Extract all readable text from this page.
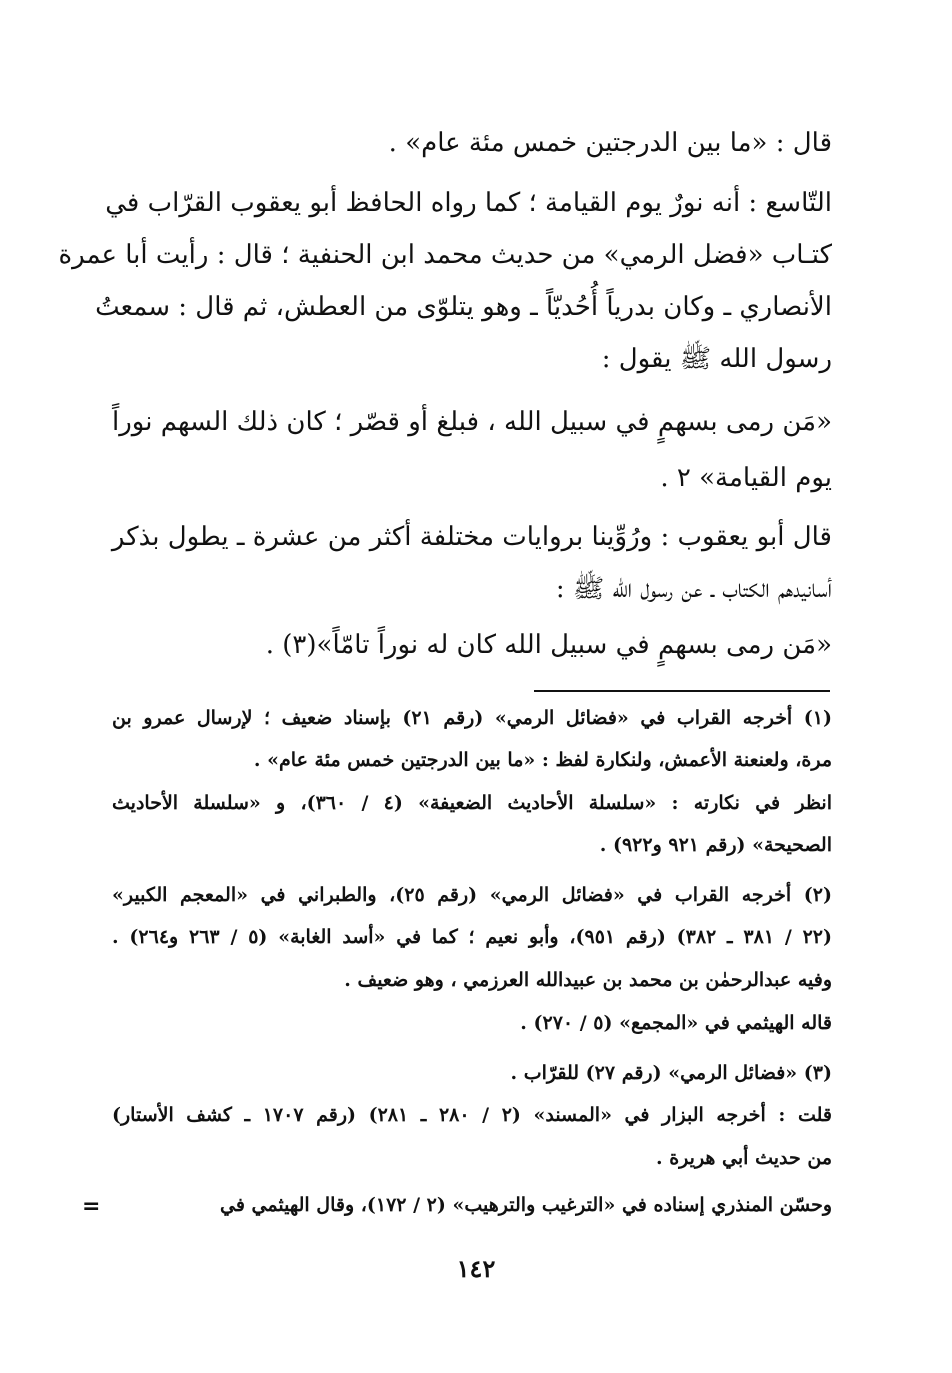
قال : «ما بين الدرجتين خمس مئة عام» .
التّاسع : أنه نورٌ يوم القيامة ؛ كما رواه الحافظ أبو يعقوب القرّاب في
كتـاب «فضل الرمي» من حديث محمد ابن الحنفية ؛ قال : رأيت أبا عمرة
الأنصاري ـ وكان بدرياً أُحُديّاً ـ وهو يتلوّى من العطش، ثم قال : سمعتُ
رسول الله ﷺ يقول :
«مَن رمى بسهمٍ في سبيل الله ، فبلغ أو قصّر ؛ كان ذلك السهم نوراً
يوم القيامة» ٢ .
قال أبو يعقوب : ورُوِّينا بروايات مختلفة أكثر من عشرة ـ يطول بذكر
أسانيدهم الكتاب ـ عن رسول الله ﷺ :
«مَن رمى بسهمٍ في سبيل الله كان له نوراً تامّاً»(٣) .
(١) أخرجه القراب في «فضائل الرمي» (رقم ٢١) بإسناد ضعيف ؛ لإرسال عمرو بن
مرة، ولعنعنة الأعمش، ولنكارة لفظ : «ما بين الدرجتين خمس مئة عام» .
انظر في نكارته : «سلسلة الأحاديث الضعيفة» (٤ / ٣٦٠)، و «سلسلة الأحاديث
الصحيحة» (رقم ٩٢١ و٩٢٢) .
(٢) أخرجه القراب في «فضائل الرمي» (رقم ٢٥)، والطبراني في «المعجم الكبير»
(٢٢ / ٣٨١ ـ ٣٨٢) (رقم ٩٥١)، وأبو نعيم ؛ كما في «أسد الغابة» (٥ / ٢٦٣ و٢٦٤) .
وفيه عبدالرحمٰن بن محمد بن عبيدالله العرزمي ، وهو ضعيف .
قاله الهيثمي في «المجمع» (٥ / ٢٧٠) .
(٣) «فضائل الرمي» (رقم ٢٧) للقرّاب .
قلت : أخرجه البزار في «المسند» (٢ / ٢٨٠ ـ ٢٨١) (رقم ١٧٠٧ ـ كشف الأستار)
من حديث أبي هريرة .
وحسّن المنذري إسناده في «الترغيب والترهيب» (٢ / ١٧٢)، وقال الهيثمي في
=
١٤٢
